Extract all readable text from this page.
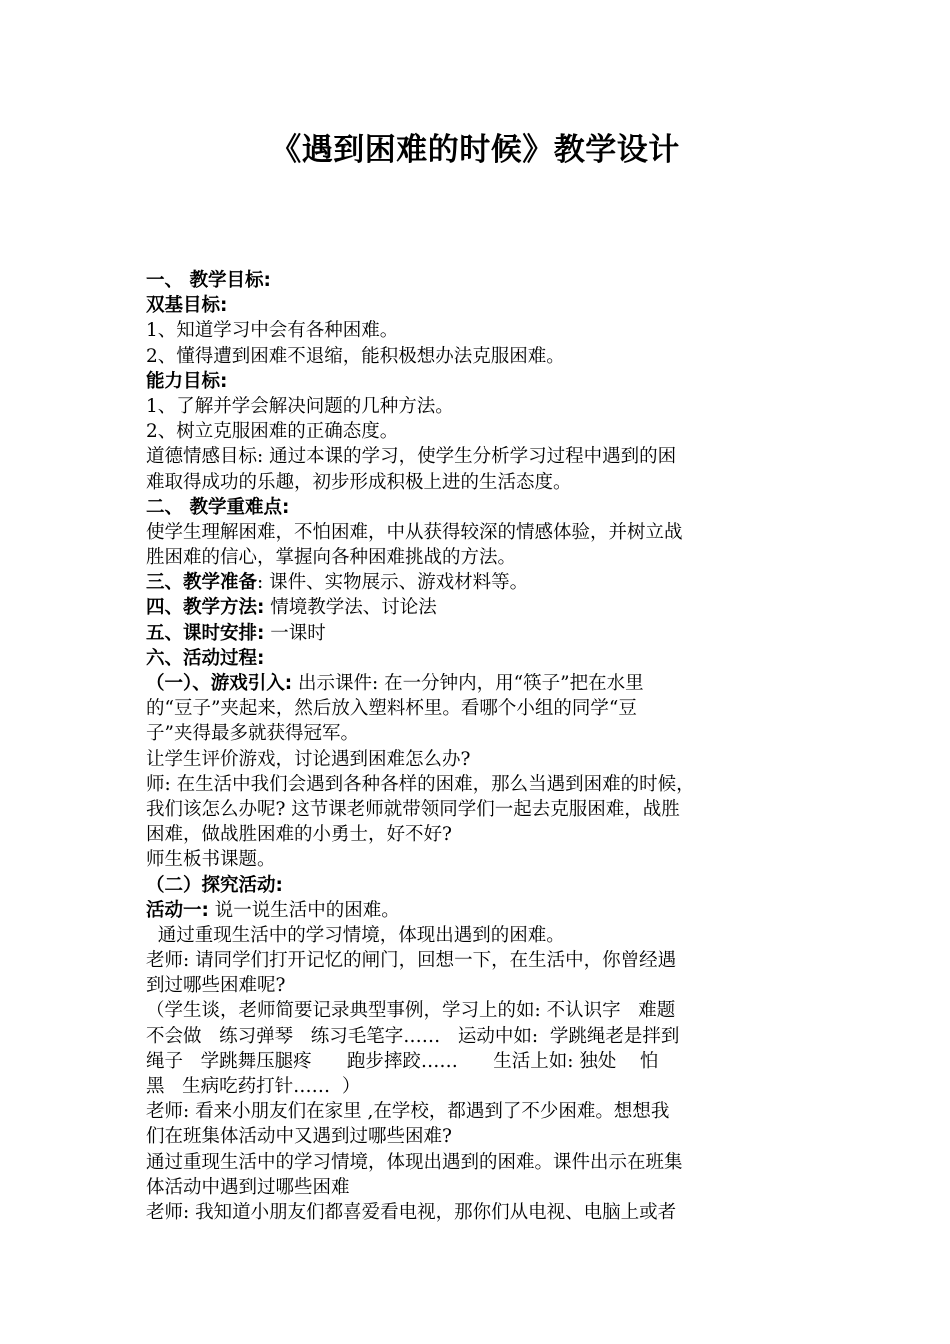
《遇到困难的时候》教学设计
一、 教学目标:
双基目标:
1、知道学习中会有各种困难。
2、懂得遭到困难不退缩，能积极想办法克服困难。
能力目标:
1、了解并学会解决问题的几种方法。
2、树立克服困难的正确态度。
道德情感目标: 通过本课的学习，使学生分析学习过程中遇到的困
难取得成功的乐趣，初步形成积极上进的生活态度。
二、 教学重难点:
使学生理解困难，不怕困难，中从获得较深的情感体验，并树立战
胜困难的信心，掌握向各种困难挑战的方法。
三、教学准备: 课件、实物展示、游戏材料等。
四、教学方法: 情境教学法、讨论法
五、课时安排: 一课时
六、活动过程:
（一）、游戏引入: 出示课件: 在一分钟内，用“筷子”把在水里
的“豆子”夹起来，然后放入塑料杯里。看哪个小组的同学“豆
子”夹得最多就获得冠军。
让学生评价游戏，讨论遇到困难怎么办?
师: 在生活中我们会遇到各种各样的困难，那么当遇到困难的时候，
我们该怎么办呢? 这节课老师就带领同学们一起去克服困难，战胜
困难，做战胜困难的小勇士，好不好?
师生板书课题。
（二）探究活动:
活动一: 说一说生活中的困难。
通过重现生活中的学习情境，体现出遇到的困难。
老师: 请同学们打开记忆的闸门，回想一下，在生活中，你曾经遇
到过哪些困难呢?
（学生谈，老师简要记录典型事例，学习上的如: 不认识字   难题
不会做   练习弹琴   练习毛笔字……   运动中如:  学跳绳老是拌到
绳子   学跳舞压腿疼      跑步摔跤……      生活上如: 独处    怕
黑   生病吃药打针……  ）
老师: 看来小朋友们在家里 ,在学校，都遇到了不少困难。想想我
们在班集体活动中又遇到过哪些困难?
通过重现生活中的学习情境，体现出遇到的困难。课件出示在班集
体活动中遇到过哪些困难
老师: 我知道小朋友们都喜爱看电视，那你们从电视、电脑上或者
